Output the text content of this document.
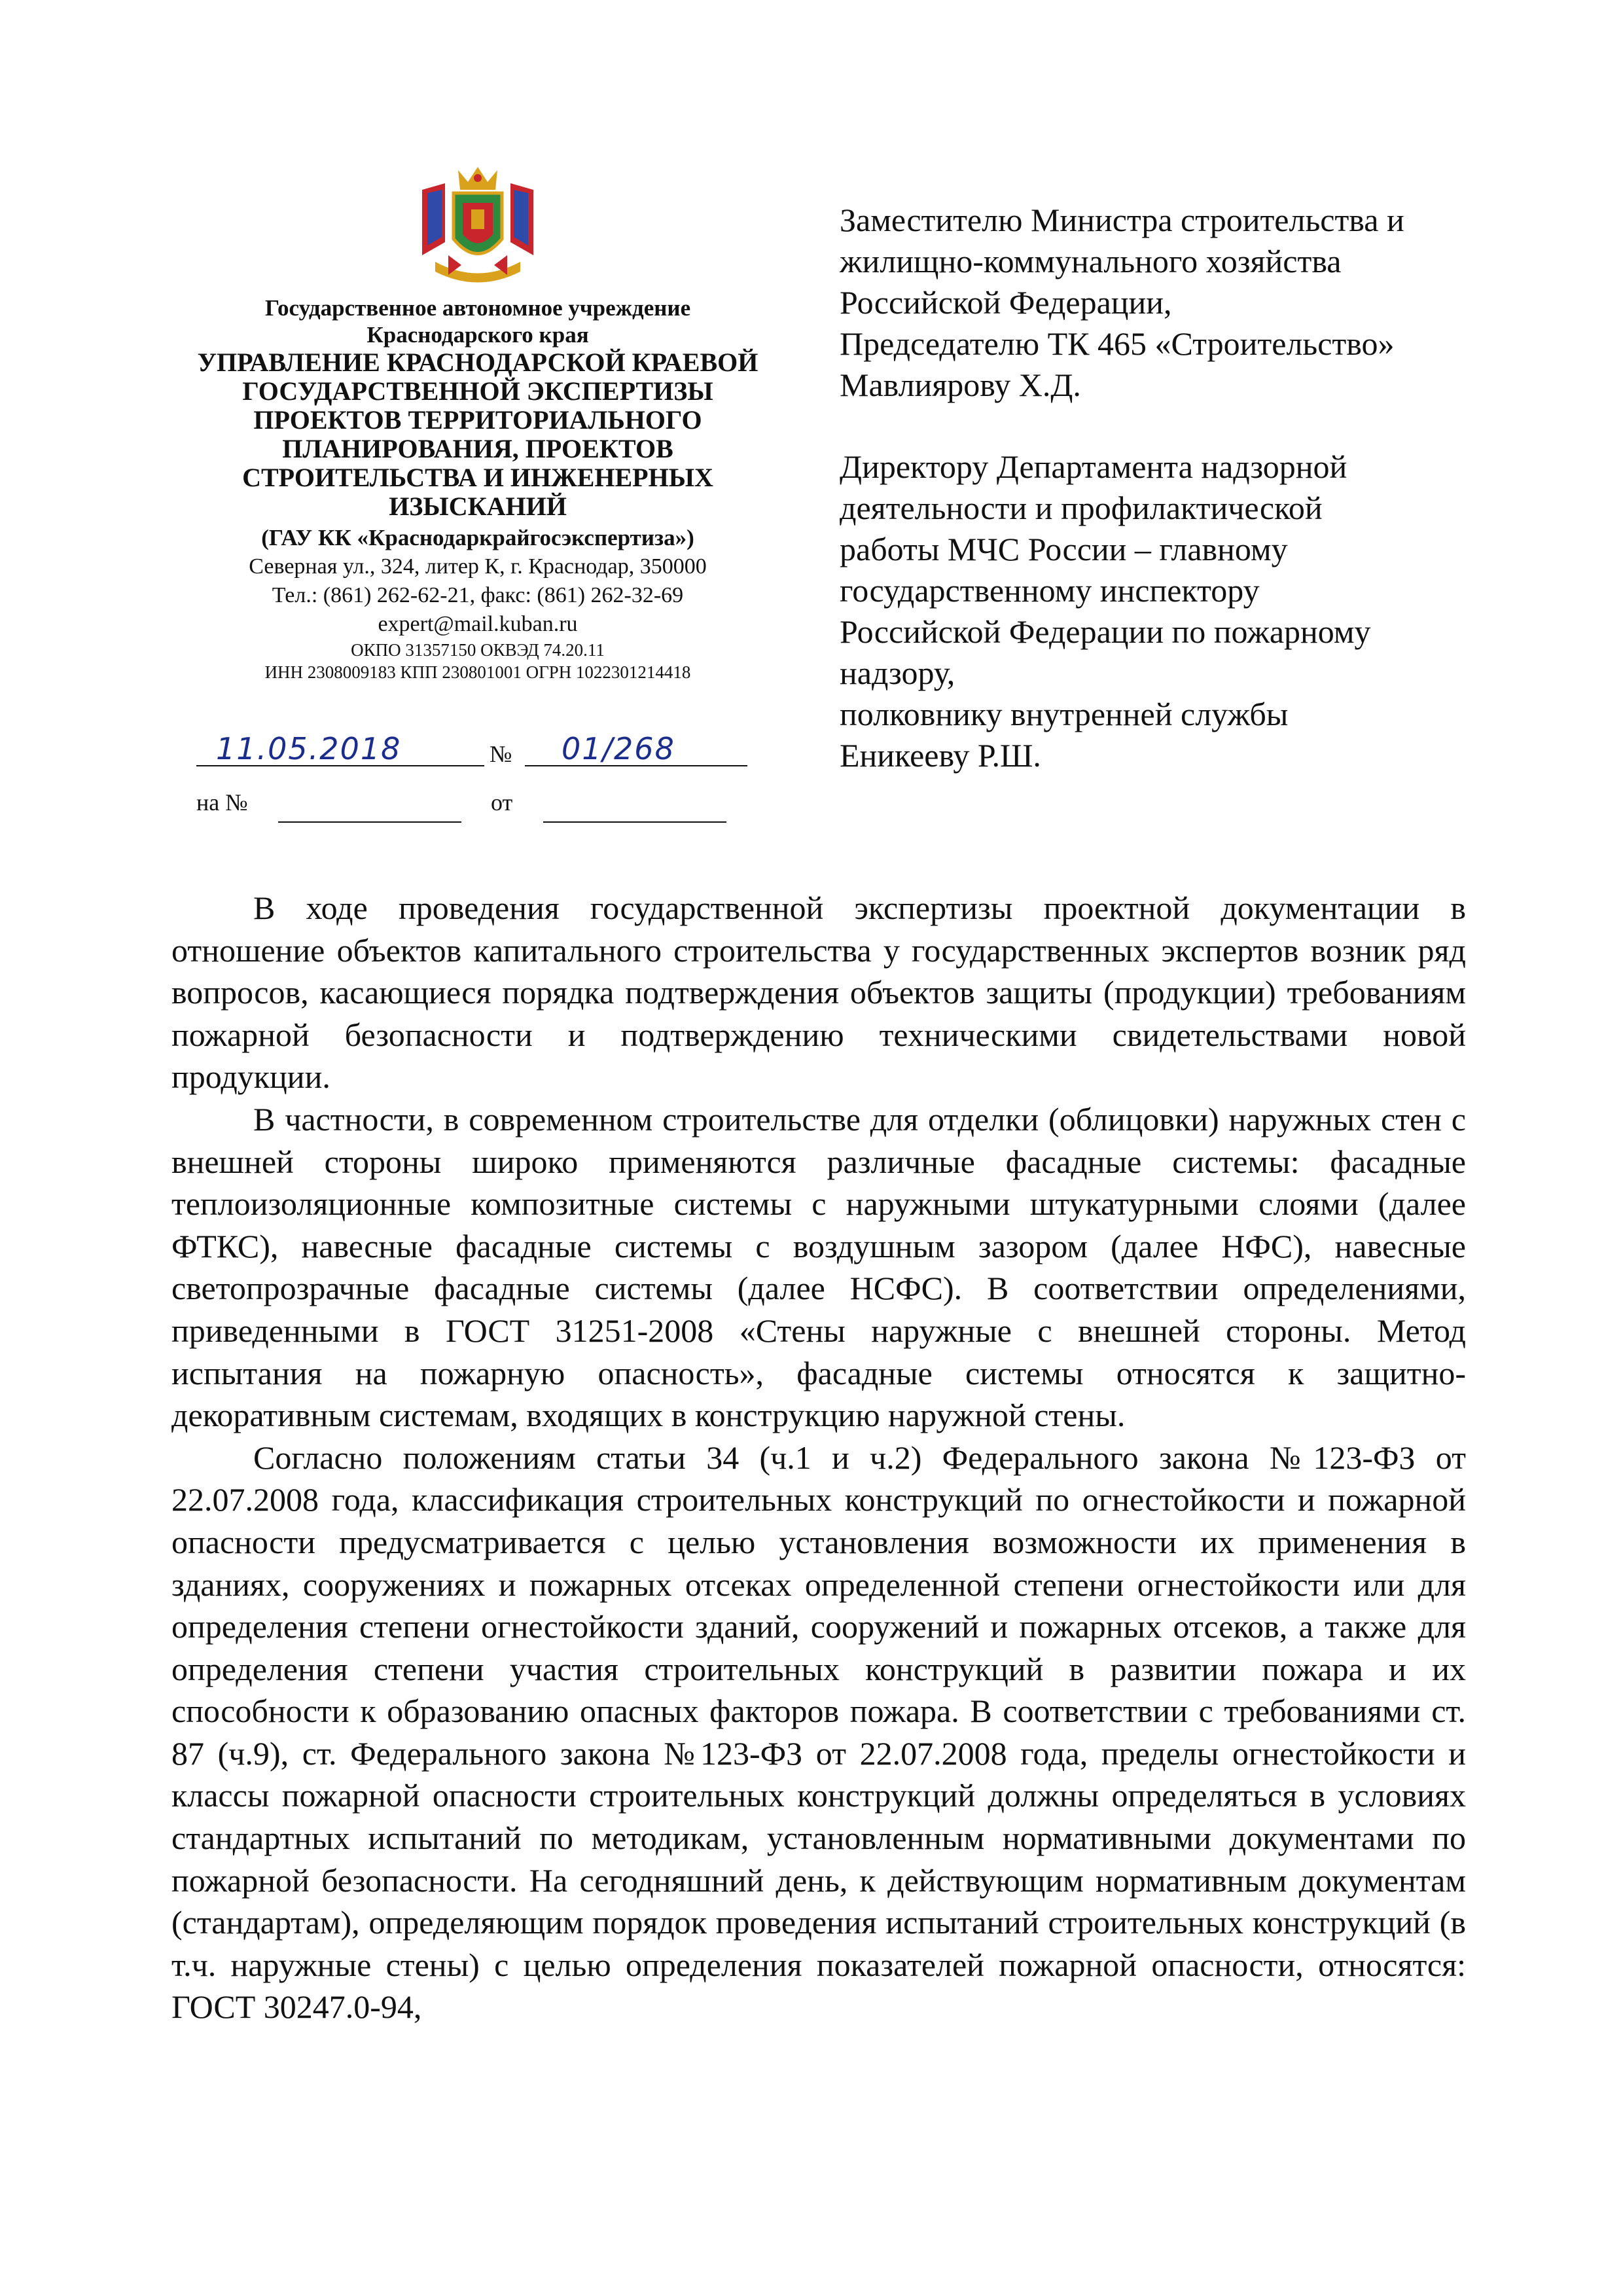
Государственное автономное учреждение

Краснодарского края

УПРАВЛЕНИЕ КРАСНОДАРСКОЙ КРАЕВОЙ

ГОСУДАРСТВЕННОЙ ЭКСПЕРТИЗЫ

ПРОЕКТОВ ТЕРРИТОРИАЛЬНОГО

ПЛАНИРОВАНИЯ, ПРОЕКТОВ

СТРОИТЕЛЬСТВА И ИНЖЕНЕРНЫХ

ИЗЫСКАНИЙ

(ГАУ КК «Краснодаркрайгосэкспертиза»)

Северная ул., 324, литер К, г. Краснодар, 350000

Тел.: (861) 262-62-21, факс: (861) 262-32-69

expert@mail.kuban.ru

ОКПО 31357150 ОКВЭД 74.20.11

ИНН 2308009183 КПП 230801001 ОГРН 1022301214418

11.05.2018	№ 01/268
на №	от

Заместителю Министра строительства и

жилищно-коммунального хозяйства

Российской Федерации,

Председателю ТК 465 «Строительство»

Мавлиярову Х.Д.

Директору Департамента надзорной

деятельности и профилактической

работы МЧС России – главному

государственному инспектору

Российской Федерации по пожарному

надзору,

полковнику внутренней службы

Еникееву Р.Ш.

В ходе проведения государственной экспертизы проектной документации в отношение объектов капитального строительства у государственных экспертов возник ряд вопросов, касающиеся порядка подтверждения объектов защиты (продукции) требованиям пожарной безопасности и подтверждению техническими свидетельствами новой продукции.

В частности, в современном строительстве для отделки (облицовки) наружных стен с внешней стороны широко применяются различные фасадные системы: фасадные теплоизоляционные композитные системы с наружными штукатурными слоями (далее ФТКС), навесные фасадные системы с воздушным зазором (далее НФС), навесные светопрозрачные фасадные системы (далее НСФС). В соответствии определениями, приведенными в ГОСТ 31251-2008 «Стены наружные с внешней стороны. Метод испытания на пожарную опасность», фасадные системы относятся к защитно-декоративным системам, входящих в конструкцию наружной стены.

Согласно положениям статьи 34 (ч.1 и ч.2) Федерального закона №123-ФЗ от 22.07.2008 года, классификация строительных конструкций по огнестойкости и пожарной опасности предусматривается с целью установления возможности их применения в зданиях, сооружениях и пожарных отсеках определенной степени огнестойкости или для определения степени огнестойкости зданий, сооружений и пожарных отсеков, а также для определения степени участия строительных конструкций в развитии пожара и их способности к образованию опасных факторов пожара. В соответствии с требованиями ст. 87 (ч.9), ст. Федерального закона №123-ФЗ от 22.07.2008 года, пределы огнестойкости и классы пожарной опасности строительных конструкций должны определяться в условиях стандартных испытаний по методикам, установленным нормативными документами по пожарной безопасности. На сегодняшний день, к действующим нормативным документам (стандартам), определяющим порядок проведения испытаний строительных конструкций (в т.ч. наружные стены) с целью определения показателей пожарной опасности, относятся: ГОСТ 30247.0-94,
